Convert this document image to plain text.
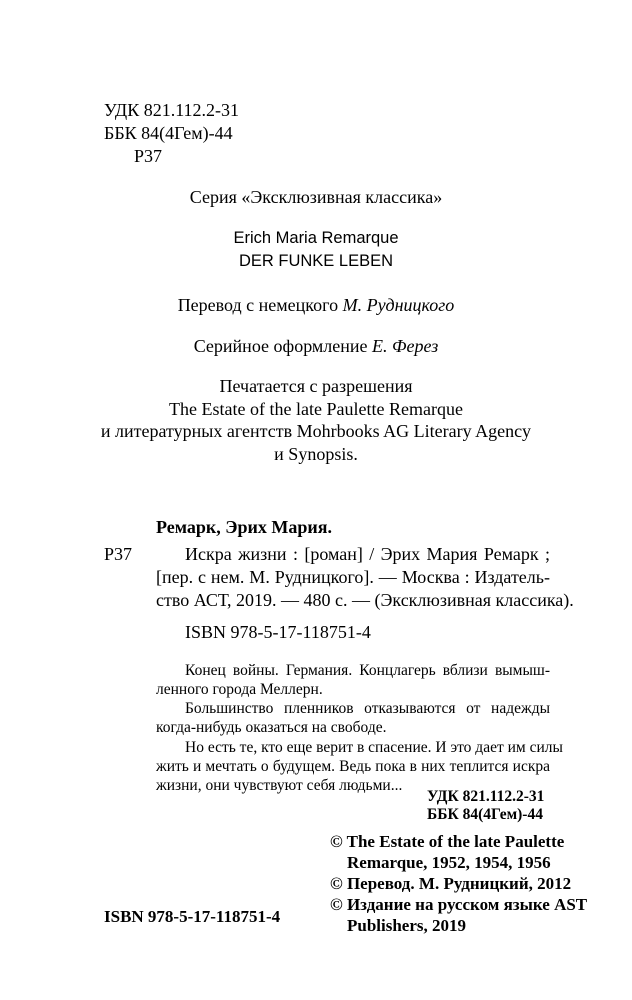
УДК 821.112.2-31
ББК 84(4Гем)-44
Р37
Серия «Эксклюзивная классика»
Erich Maria Remarque
DER FUNKE LEBEN
Перевод с немецкого М. Рудницкого
Серийное оформление Е. Ферез
Печатается с разрешения
The Estate of the late Paulette Remarque
и литературных агентств Mohrbooks AG Literary Agency
и Synopsis.
Ремарк, Эрих Мария.
Р37	Искра жизни : [роман] / Эрих Мария Ремарк ;
[пер. с нем. М. Рудницкого]. — Москва : Издатель-
ство АСТ, 2019. — 480 с. — (Эксклюзивная классика).
ISBN 978-5-17-118751-4
Конец войны. Германия. Концлагерь вблизи вымыш-
ленного города Меллерн.
Большинство пленников отказываются от надежды
когда-нибудь оказаться на свободе.
Но есть те, кто еще верит в спасение. И это дает им силы
жить и мечтать о будущем. Ведь пока в них теплится искра
жизни, они чувствуют себя людьми...
УДК 821.112.2-31
ББК 84(4Гем)-44
ISBN 978-5-17-118751-4
© The Estate of the late Paulette
Remarque, 1952, 1954, 1956
© Перевод. М. Рудницкий, 2012
© Издание на русском языке AST
Publishers, 2019
